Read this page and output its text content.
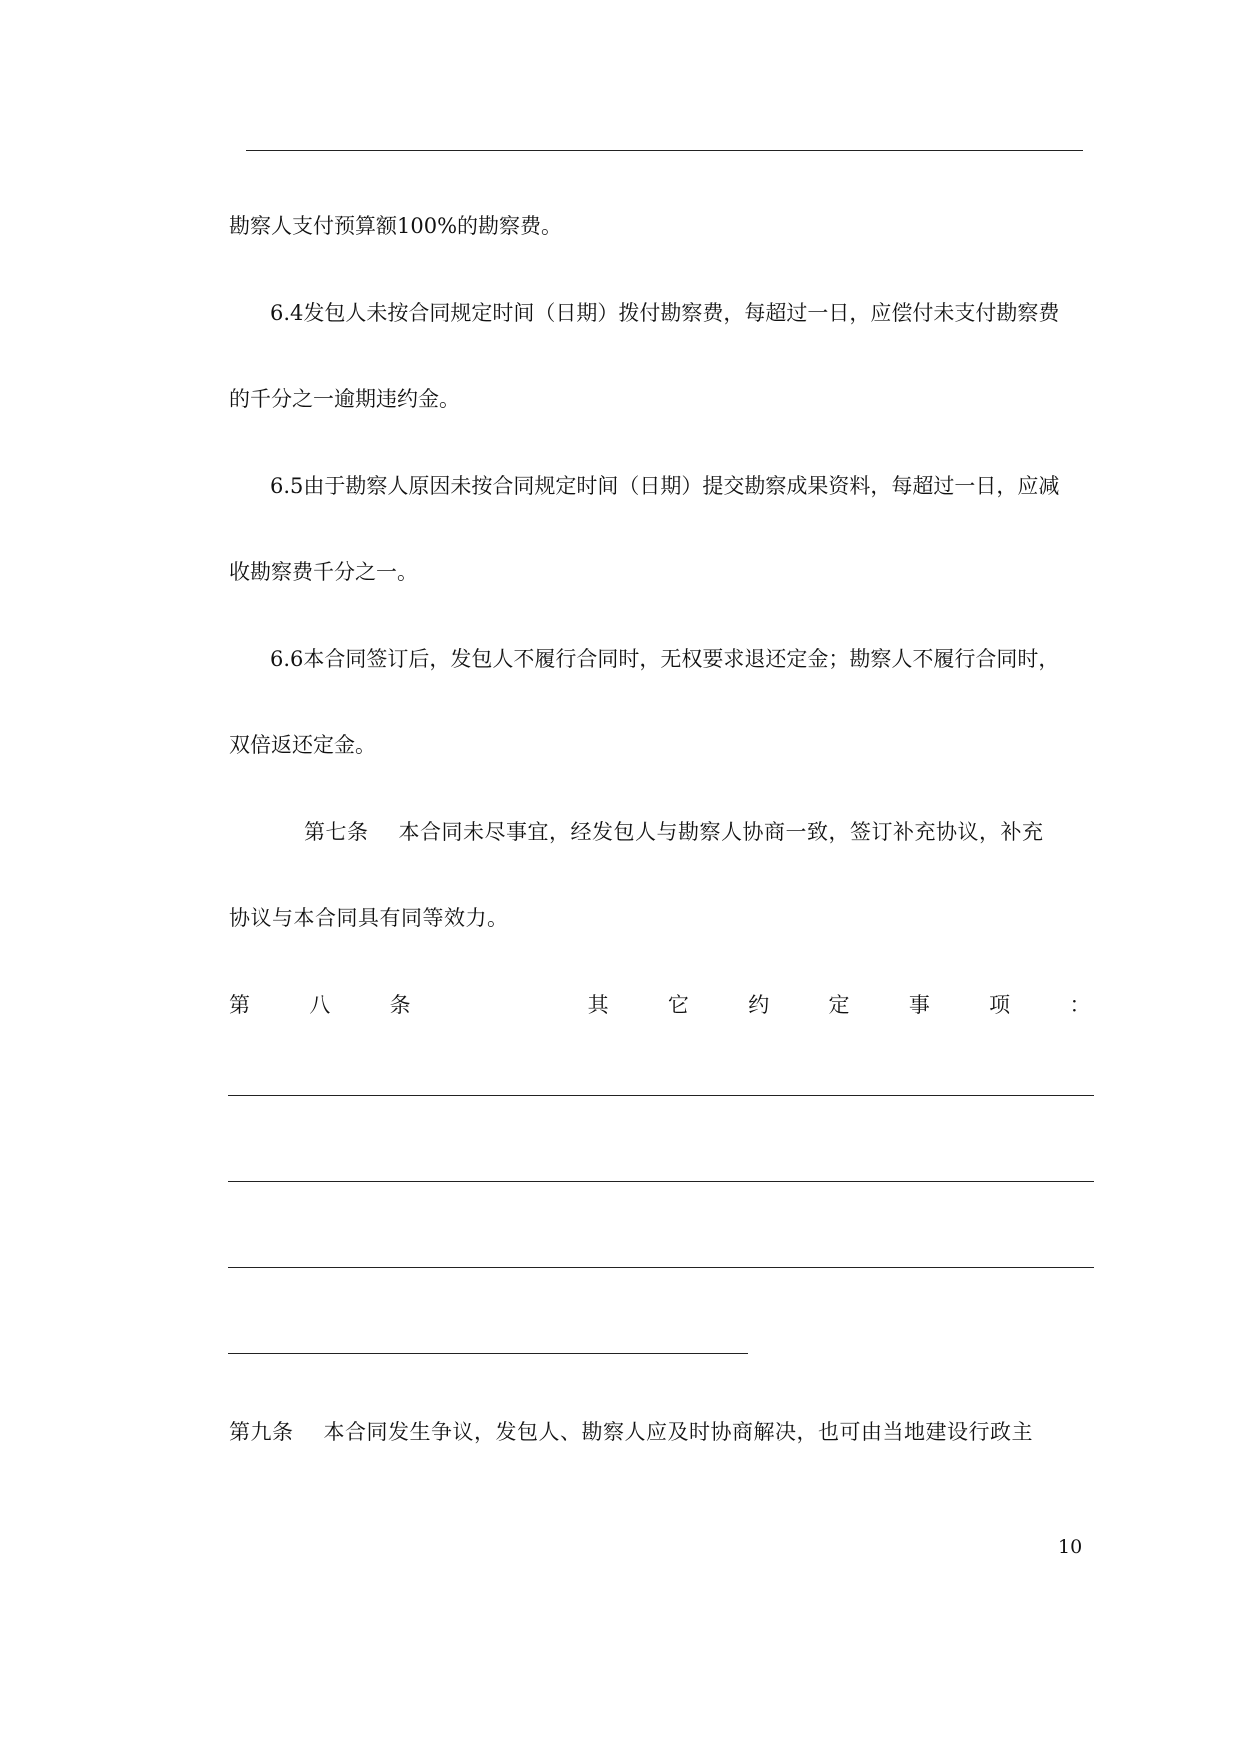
勘察人支付预算额100%的勘察费。
6.4发包人未按合同规定时间（日期）拨付勘察费，每超过一日，应偿付未支付勘察费
的千分之一逾期违约金。
6.5由于勘察人原因未按合同规定时间（日期）提交勘察成果资料，每超过一日，应减
收勘察费千分之一。
6.6本合同签订后，发包人不履行合同时，无权要求退还定金；勘察人不履行合同时，
双倍返还定金。
第七条 本合同未尽事宜，经发包人与勘察人协商一致，签订补充协议，补充
协议与本合同具有同等效力。
第	八	条	其	它	约	定	事	项	：
第九条 本合同发生争议，发包人、勘察人应及时协商解决，也可由当地建设行政主
10
